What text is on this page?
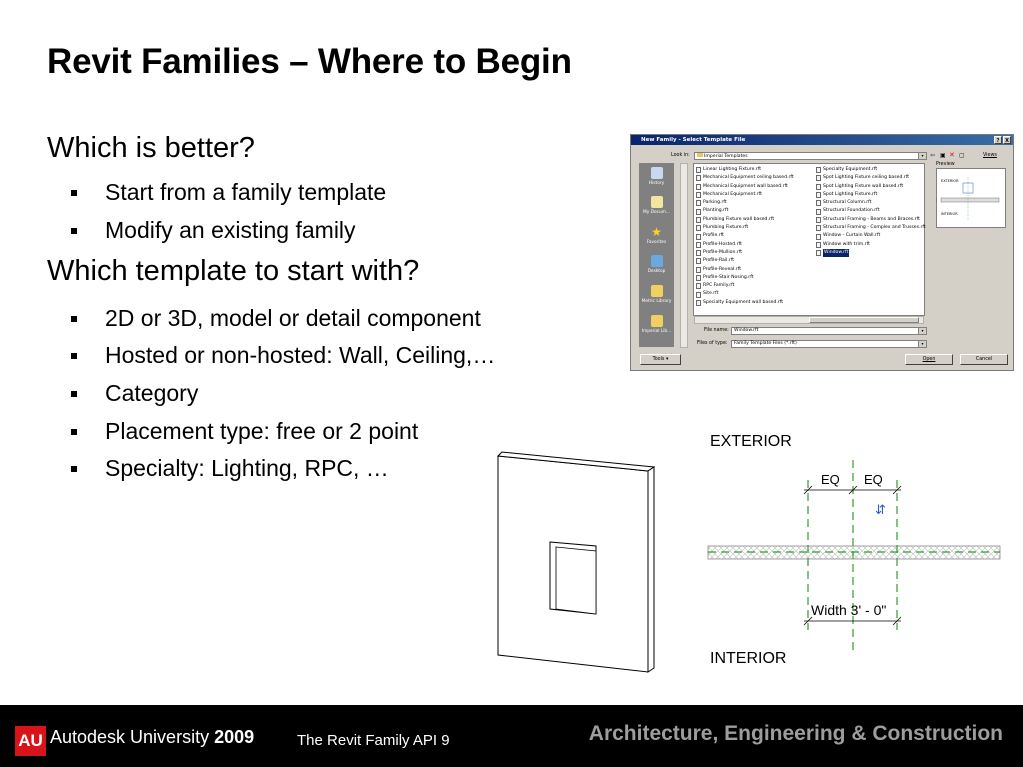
Revit Families – Where to Begin
Which is better?
Start from a family template
Modify an existing family
Which template to start with?
2D or 3D, model or detail component
Hosted or non-hosted: Wall, Ceiling,…
Category
Placement type: free or 2 point
Specialty: Lighting, RPC, …
New Family - Select Template File	?	X
Look in:	Imperial Templates	▾	⇦ ▣ ✕ ▢	Views
Preview
History
My Docum...
★
Favorites
Desktop
Metric Library
Imperial Lib...
Linear Lighting Fixture.rft
Mechanical Equipment ceiling based.rft
Mechanical Equipment wall based.rft
Mechanical Equipment.rft
Parking.rft
Planting.rft
Plumbing Fixture wall based.rft
Plumbing Fixture.rft
Profile.rft
Profile-Hosted.rft
Profile-Mullion.rft
Profile-Rail.rft
Profile-Reveal.rft
Profile-Stair Nosing.rft
RPC Family.rft
Site.rft
Specialty Equipment wall based.rft
Specialty Equipment.rft
Spot Lighting Fixture ceiling based.rft
Spot Lighting Fixture wall based.rft
Spot Lighting Fixture.rft
Structural Column.rft
Structural Foundation.rft
Structural Framing - Beams and Braces.rft
Structural Framing - Complex and Trusses.rft
Window - Curtain Wall.rft
Window with trim.rft
Window.rft
EXTERIOR
INTERIOR
Tools ▾
File name:	Window.rft	▾
Files of type:	Family Template Files (*.rft)	▾
Open	Cancel
EXTERIOR
INTERIOR
EQ EQ
⇵
Width 3' - 0"
AU Autodesk University 2009	The Revit Family API 9	Architecture, Engineering & Construction
